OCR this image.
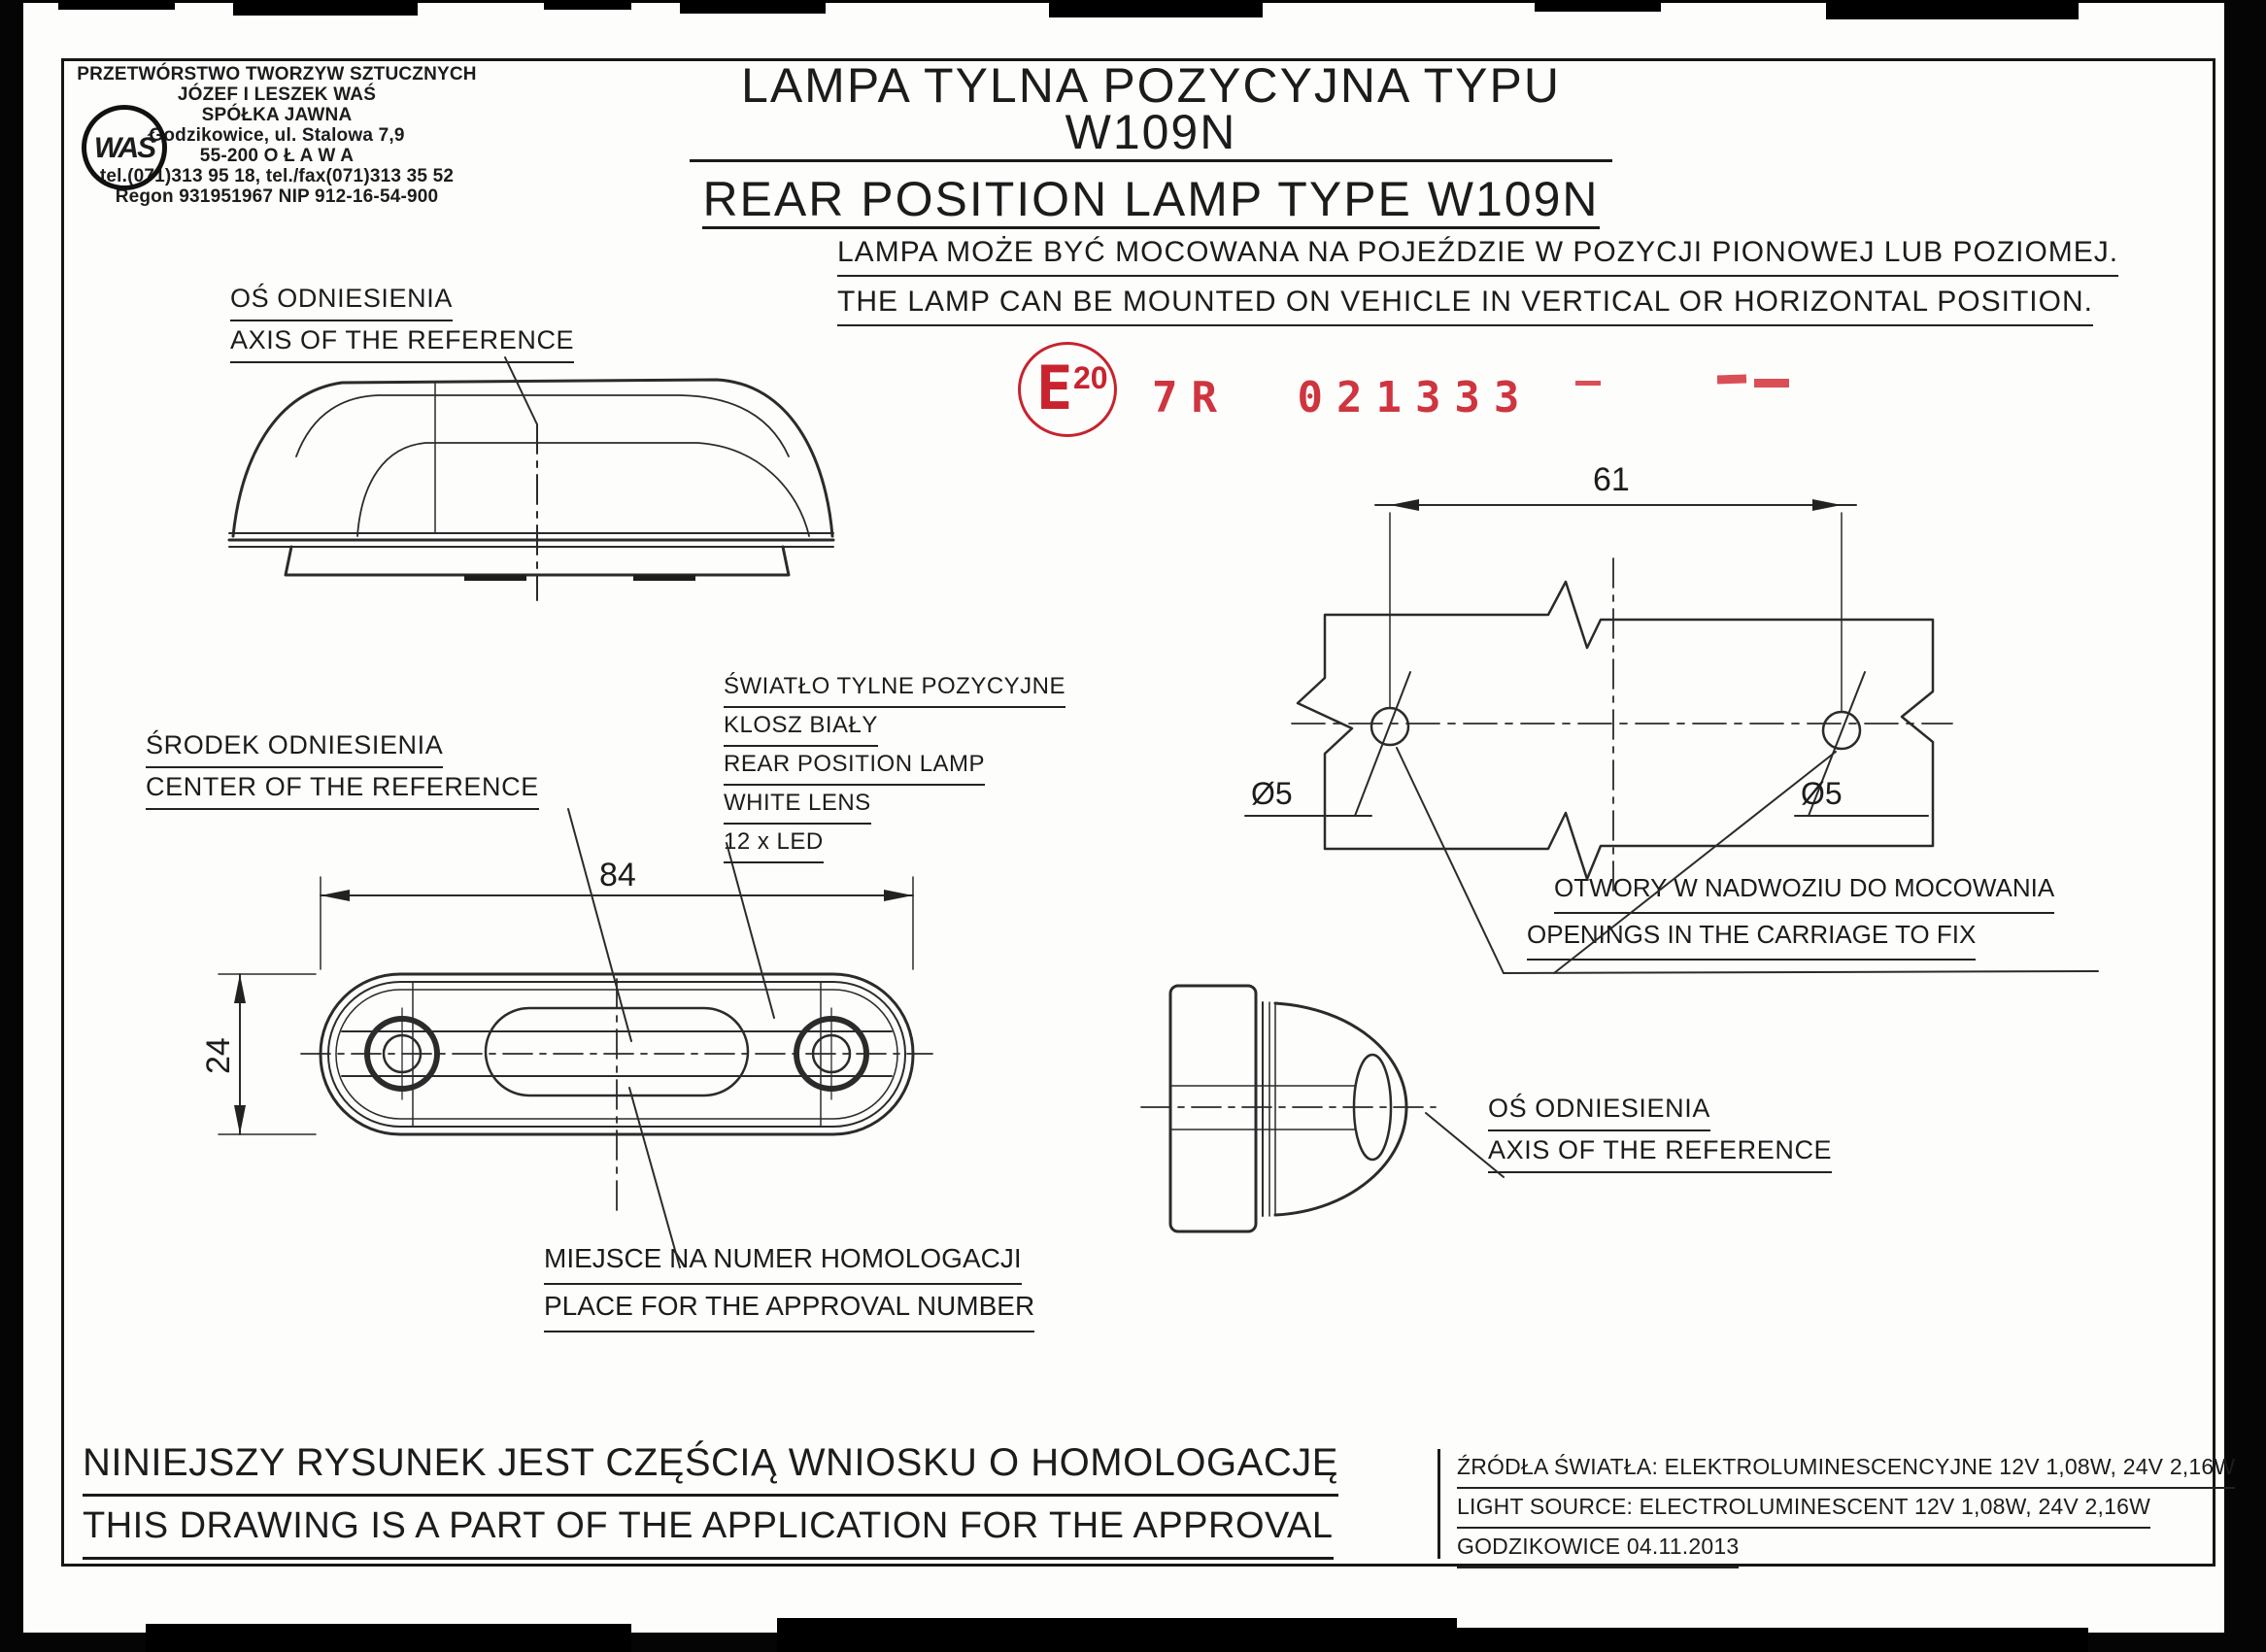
WAŚ
PRZETWÓRSTWO TWORZYW SZTUCZNYCH
JÓZEF I LESZEK WAŚ
SPÓŁKA JAWNA
Godzikowice, ul. Stalowa 7,9
55-200 O Ł A W A
tel.(071)313 95 18, tel./fax(071)313 35 52
Regon 931951967 NIP 912-16-54-900
LAMPA TYLNA POZYCYJNA TYPU W109N
REAR POSITION LAMP TYPE W109N
LAMPA MOŻE BYĆ MOCOWANA NA POJEŹDZIE W POZYCJI PIONOWEJ LUB POZIOMEJ.
THE LAMP CAN BE MOUNTED ON VEHICLE IN VERTICAL OR HORIZONTAL POSITION.
E 20 7R 021333
OŚ ODNIESIENIA
AXIS OF THE REFERENCE
ŚRODEK ODNIESIENIA
CENTER OF THE REFERENCE
ŚWIATŁO TYLNE POZYCYJNE
KLOSZ BIAŁY
REAR POSITION LAMP
WHITE LENS
12 x LED
MIEJSCE NA NUMER HOMOLOGACJI
PLACE FOR THE APPROVAL NUMBER
OTWORY W NADWOZIU DO MOCOWANIA
OPENINGS IN THE CARRIAGE TO FIX
OŚ ODNIESIENIA
AXIS OF THE REFERENCE
NINIEJSZY RYSUNEK JEST CZĘŚCIĄ WNIOSKU O HOMOLOGACJĘ
THIS DRAWING IS A PART OF THE APPLICATION FOR THE APPROVAL
ŹRÓDŁA ŚWIATŁA: ELEKTROLUMINESCENCYJNE 12V 1,08W, 24V 2,16W
LIGHT SOURCE: ELECTROLUMINESCENT 12V 1,08W, 24V 2,16W
GODZIKOWICE 04.11.2013
84
24
61
Ø5	Ø5
